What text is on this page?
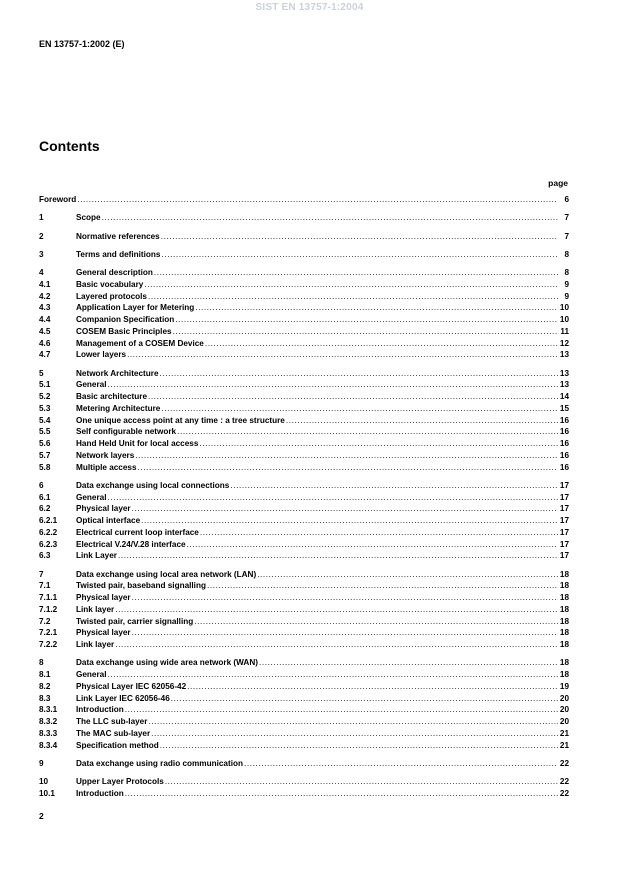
SIST EN 13757-1:2004
EN 13757-1:2002 (E)
Contents
page
Foreword .....	6
1	Scope .....	7
2	Normative references .....	7
3	Terms and definitions .....	8
4	General description .....	8
4.1	Basic vocabulary .....	9
4.2	Layered protocols .....	9
4.3	Application Layer for Metering .....	10
4.4	Companion Specification .....	10
4.5	COSEM Basic Principles .....	11
4.6	Management of a COSEM Device .....	12
4.7	Lower layers .....	13
5	Network Architecture .....	13
5.1	General .....	13
5.2	Basic architecture .....	14
5.3	Metering Architecture .....	15
5.4	One unique access point at any time : a tree structure .....	16
5.5	Self configurable network .....	16
5.6	Hand Held Unit for local access .....	16
5.7	Network layers .....	16
5.8	Multiple access .....	16
6	Data exchange using local connections .....	17
6.1	General .....	17
6.2	Physical layer .....	17
6.2.1	Optical interface .....	17
6.2.2	Electrical current loop interface .....	17
6.2.3	Electrical V.24/V.28 interface .....	17
6.3	Link Layer .....	17
7	Data exchange using local area network (LAN) .....	18
7.1	Twisted pair, baseband signalling .....	18
7.1.1	Physical layer .....	18
7.1.2	Link layer .....	18
7.2	Twisted pair, carrier signalling .....	18
7.2.1	Physical layer .....	18
7.2.2	Link layer .....	18
8	Data exchange using wide area network (WAN) .....	18
8.1	General .....	18
8.2	Physical Layer IEC 62056-42 .....	19
8.3	Link Layer IEC 62056-46 .....	20
8.3.1	Introduction .....	20
8.3.2	The LLC sub-layer .....	20
8.3.3	The MAC sub-layer .....	21
8.3.4	Specification method .....	21
9	Data exchange using radio communication .....	22
10	Upper Layer Protocols .....	22
10.1	Introduction .....	22
2
